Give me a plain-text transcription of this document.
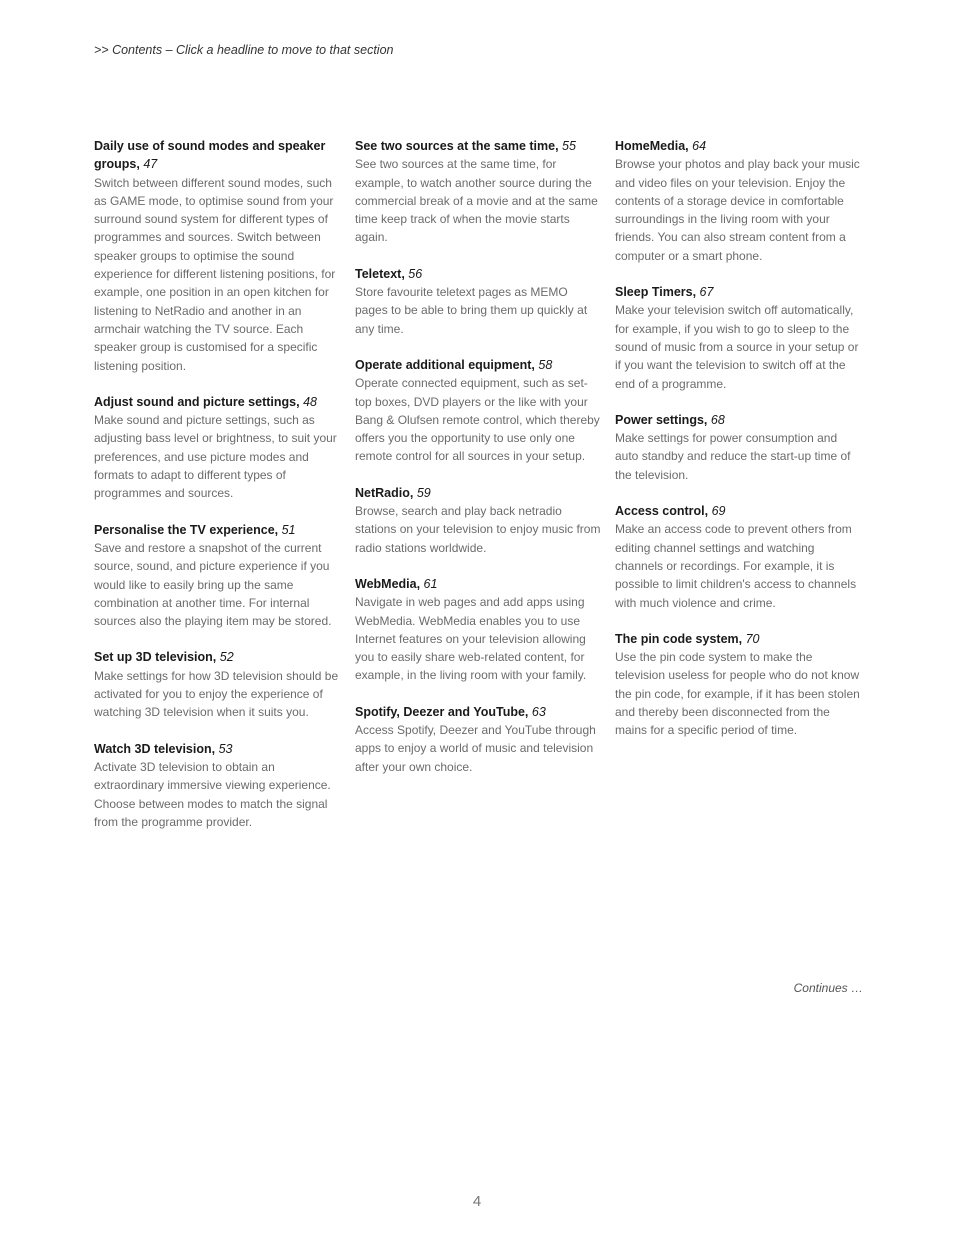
>> Contents – Click a headline to move to that section
Daily use of sound modes and speaker groups, 47
Switch between different sound modes, such as GAME mode, to optimise sound from your surround sound system for different types of programmes and sources. Switch between speaker groups to optimise the sound experience for different listening positions, for example, one position in an open kitchen for listening to NetRadio and another in an armchair watching the TV source. Each speaker group is customised for a specific listening position.
Adjust sound and picture settings, 48
Make sound and picture settings, such as adjusting bass level or brightness, to suit your preferences, and use picture modes and formats to adapt to different types of programmes and sources.
Personalise the TV experience, 51
Save and restore a snapshot of the current source, sound, and picture experience if you would like to easily bring up the same combination at another time. For internal sources also the playing item may be stored.
Set up 3D television, 52
Make settings for how 3D television should be activated for you to enjoy the experience of watching 3D television when it suits you.
Watch 3D television, 53
Activate 3D television to obtain an extraordinary immersive viewing experience. Choose between modes to match the signal from the programme provider.
See two sources at the same time, 55
See two sources at the same time, for example, to watch another source during the commercial break of a movie and at the same time keep track of when the movie starts again.
Teletext, 56
Store favourite teletext pages as MEMO pages to be able to bring them up quickly at any time.
Operate additional equipment, 58
Operate connected equipment, such as set-top boxes, DVD players or the like with your Bang & Olufsen remote control, which thereby offers you the opportunity to use only one remote control for all sources in your setup.
NetRadio, 59
Browse, search and play back netradio stations on your television to enjoy music from radio stations worldwide.
WebMedia, 61
Navigate in web pages and add apps using WebMedia. WebMedia enables you to use Internet features on your television allowing you to easily share web-related content, for example, in the living room with your family.
Spotify, Deezer and YouTube, 63
Access Spotify, Deezer and YouTube through apps to enjoy a world of music and television after your own choice.
HomeMedia, 64
Browse your photos and play back your music and video files on your television. Enjoy the contents of a storage device in comfortable surroundings in the living room with your friends. You can also stream content from a computer or a smart phone.
Sleep Timers, 67
Make your television switch off automatically, for example, if you wish to go to sleep to the sound of music from a source in your setup or if you want the television to switch off at the end of a programme.
Power settings, 68
Make settings for power consumption and auto standby and reduce the start-up time of the television.
Access control, 69
Make an access code to prevent others from editing channel settings and watching channels or recordings. For example, it is possible to limit children's access to channels with much violence and crime.
The pin code system, 70
Use the pin code system to make the television useless for people who do not know the pin code, for example, if it has been stolen and thereby been disconnected from the mains for a specific period of time.
Continues …
4
